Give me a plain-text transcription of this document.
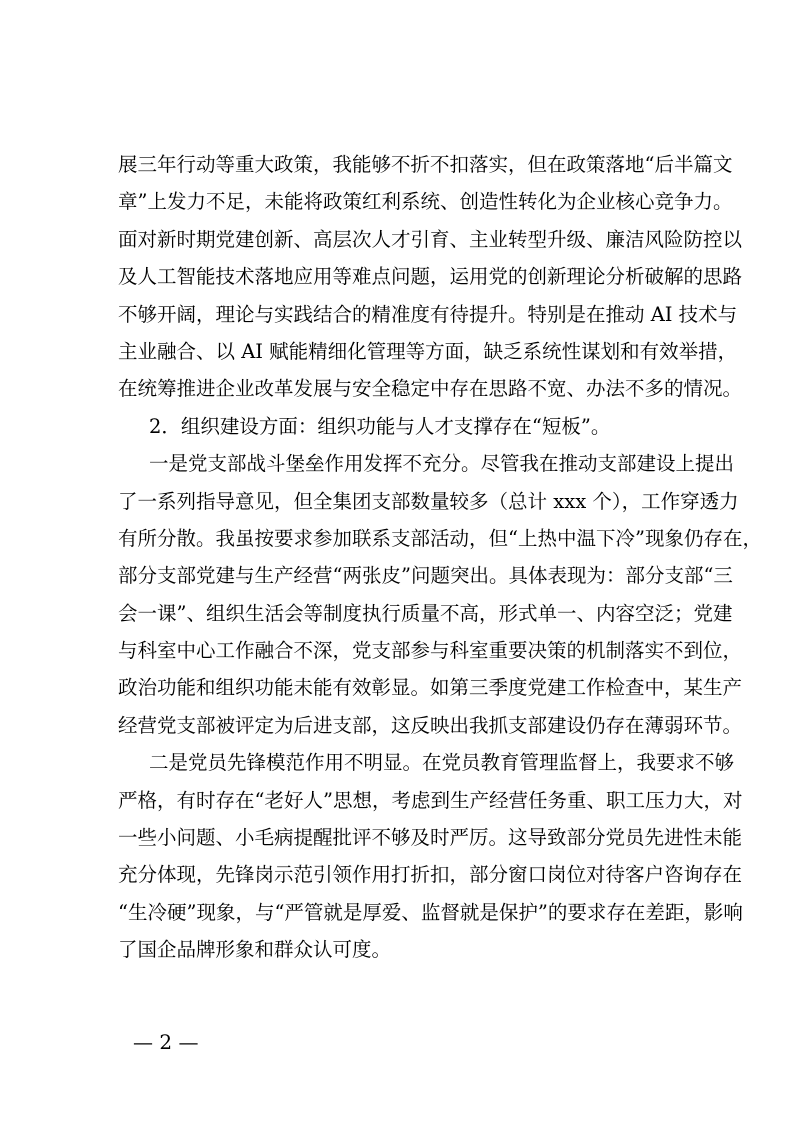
展三年行动等重大政策，我能够不折不扣落实，但在政策落地“后半篇文
章”上发力不足，未能将政策红利系统、创造性转化为企业核心竞争力。
面对新时期党建创新、高层次人才引育、主业转型升级、廉洁风险防控以
及人工智能技术落地应用等难点问题，运用党的创新理论分析破解的思路
不够开阔，理论与实践结合的精准度有待提升。特别是在推动 AI 技术与
主业融合、以 AI 赋能精细化管理等方面，缺乏系统性谋划和有效举措，
在统筹推进企业改革发展与安全稳定中存在思路不宽、办法不多的情况。
2．组织建设方面：组织功能与人才支撑存在“短板”。
一是党支部战斗堡垒作用发挥不充分。尽管我在推动支部建设上提出
了一系列指导意见，但全集团支部数量较多（总计 xxx 个），工作穿透力
有所分散。我虽按要求参加联系支部活动，但“上热中温下冷”现象仍存在，
部分支部党建与生产经营“两张皮”问题突出。具体表现为：部分支部“三
会一课”、组织生活会等制度执行质量不高，形式单一、内容空泛；党建
与科室中心工作融合不深，党支部参与科室重要决策的机制落实不到位，
政治功能和组织功能未能有效彰显。如第三季度党建工作检查中，某生产
经营党支部被评定为后进支部，这反映出我抓支部建设仍存在薄弱环节。
二是党员先锋模范作用不明显。在党员教育管理监督上，我要求不够
严格，有时存在“老好人”思想，考虑到生产经营任务重、职工压力大，对
一些小问题、小毛病提醒批评不够及时严厉。这导致部分党员先进性未能
充分体现，先锋岗示范引领作用打折扣，部分窗口岗位对待客户咨询存在
“生冷硬”现象，与“严管就是厚爱、监督就是保护”的要求存在差距，影响
了国企品牌形象和群众认可度。
— 2 —
